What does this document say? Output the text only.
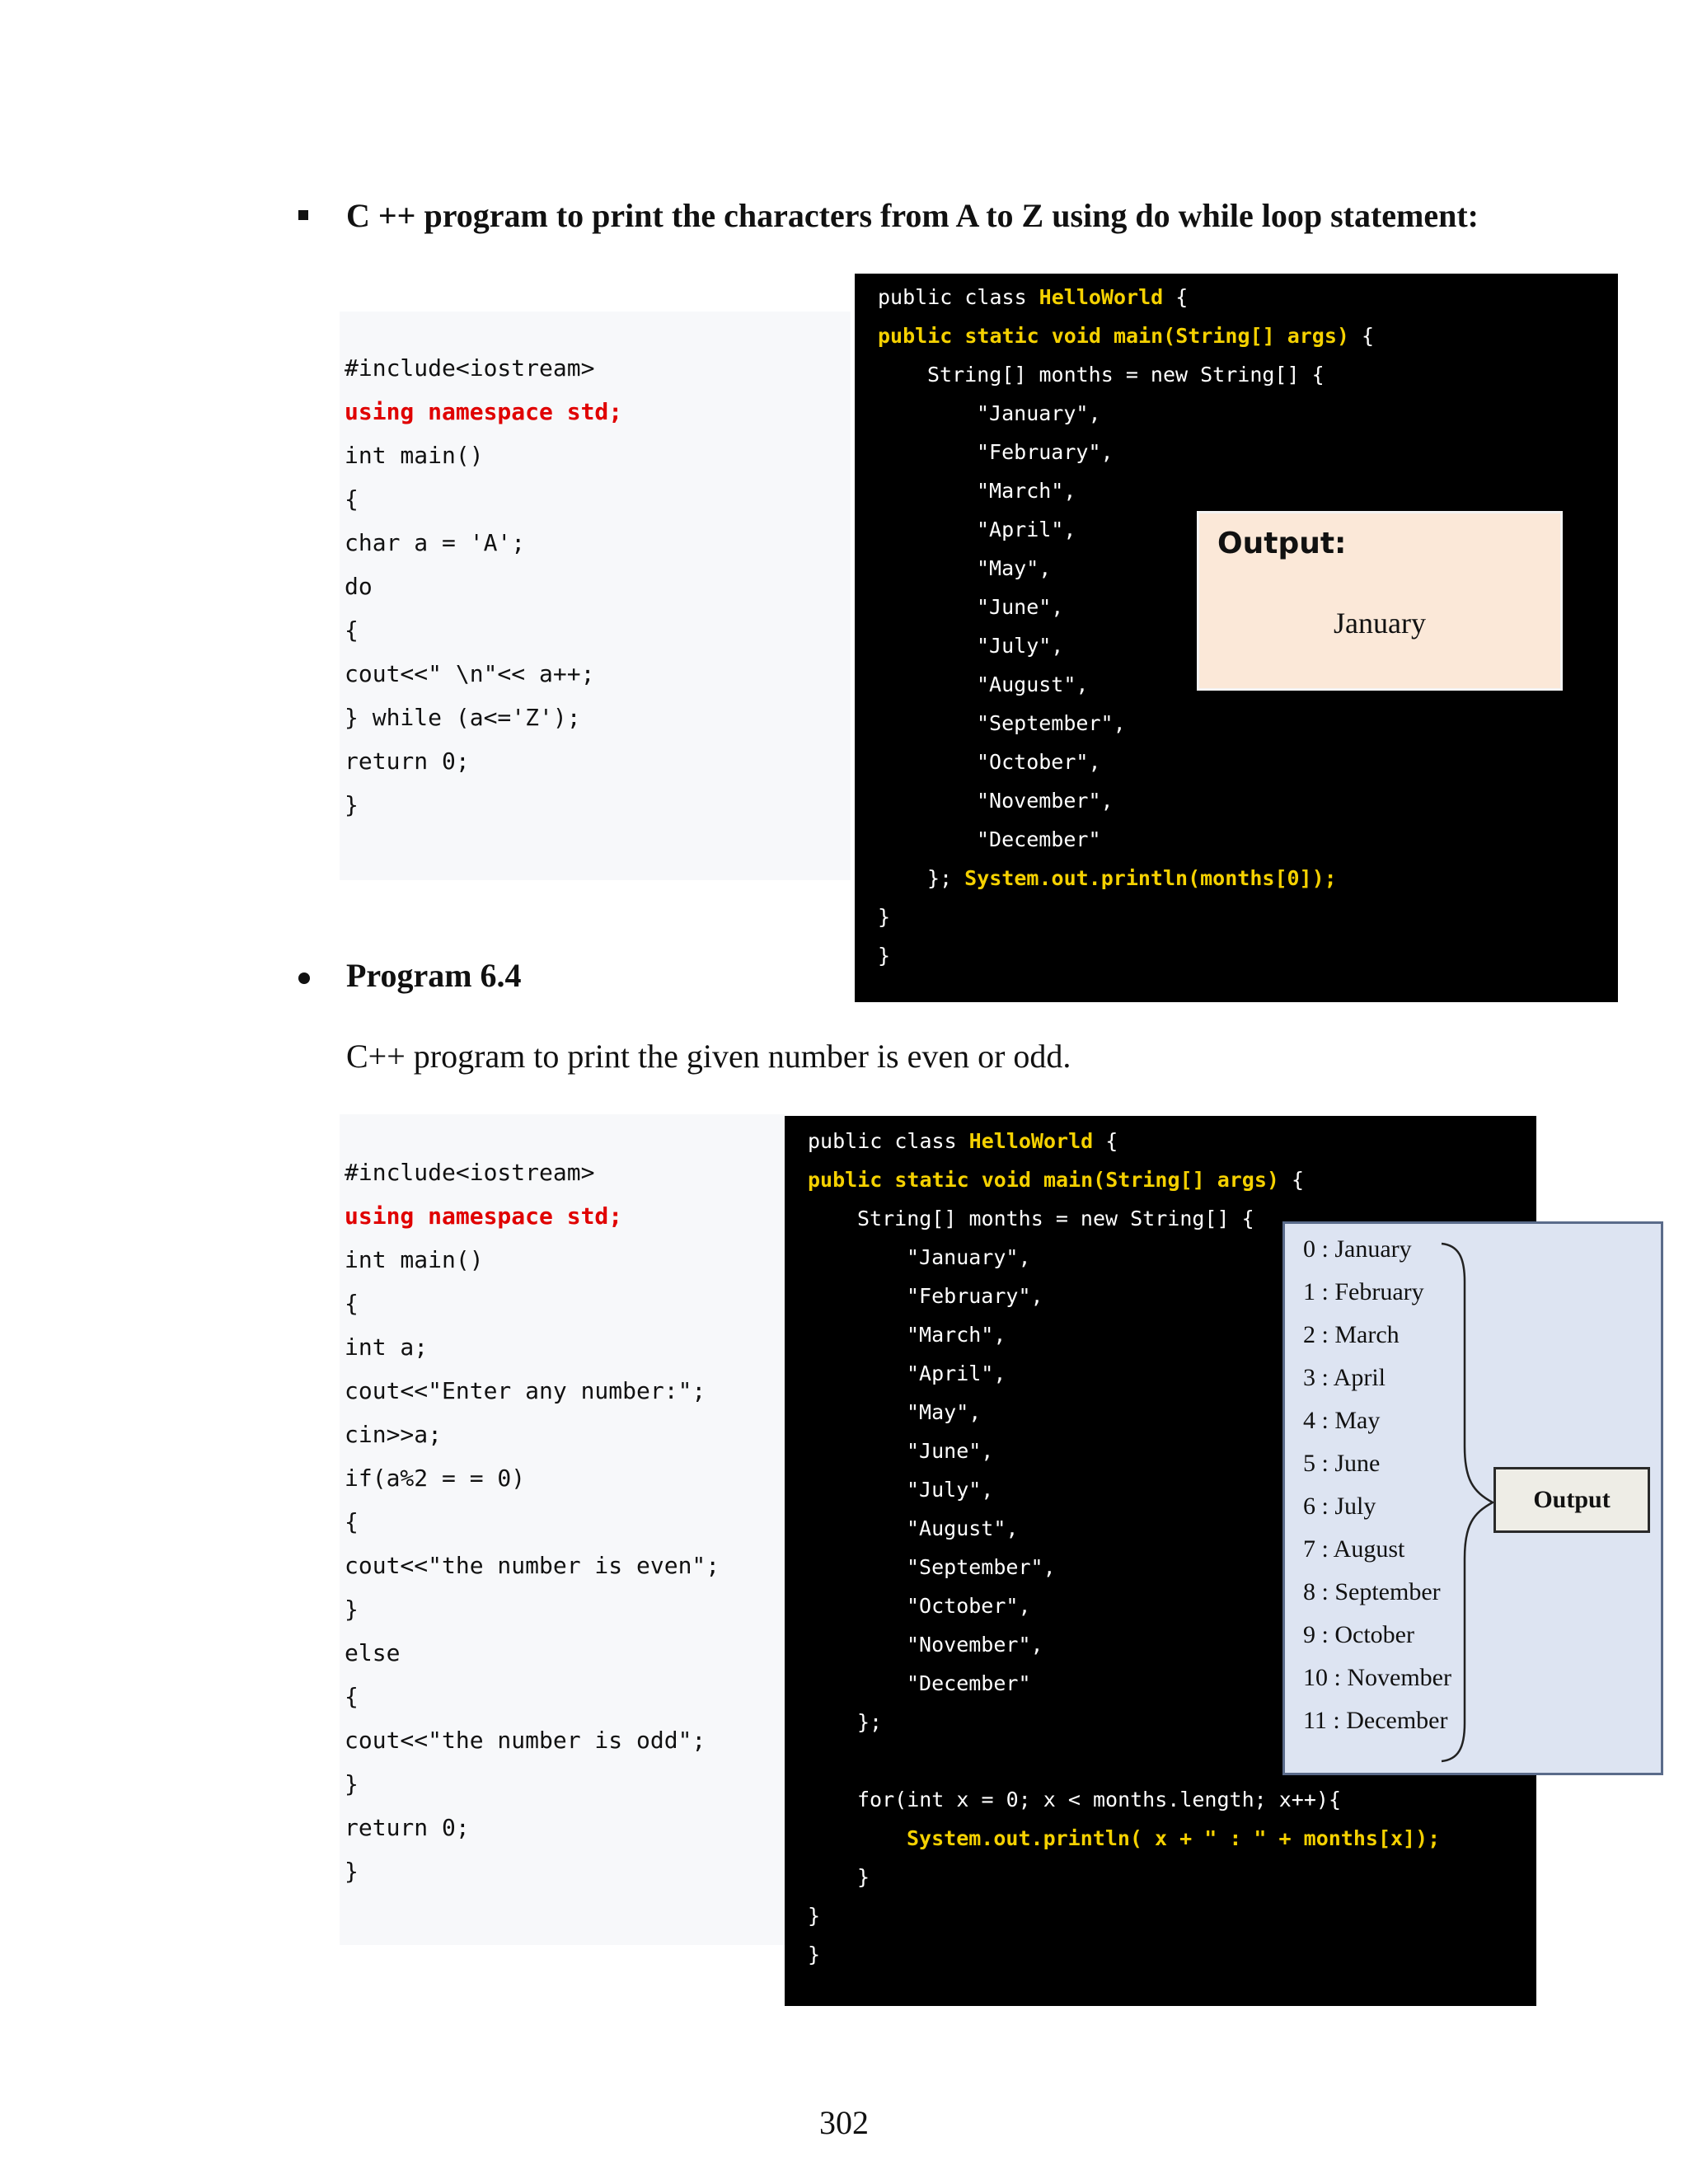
C ++ program to print the characters from A to Z using do while loop statement:
#include<iostream>
using namespace std;
int main()
{
char a = 'A';
do
{
cout<<" \n"<< a++;
} while (a<='Z');
return 0;
}
public class HelloWorld {
public static void main(String[] args) {
String[] months = new String[] {
"January",
"February",
"March",
"April",
"May",
"June",
"July",
"August",
"September",
"October",
"November",
"December"
}; System.out.println(months[0]);
}
}
Output:
January
Program 6.4
C++ program to print the given number is even or odd.
#include<iostream>
using namespace std;
int main()
{
int a;
cout<<"Enter any number:";
cin>>a;
if(a%2 = = 0)
{
cout<<"the number is even";
}
else
{
cout<<"the number is odd";
}
return 0;
}
public class HelloWorld {
public static void main(String[] args) {
String[] months = new String[] {
"January",
"February",
"March",
"April",
"May",
"June",
"July",
"August",
"September",
"October",
"November",
"December"
};
for(int x = 0; x < months.length; x++){
System.out.println( x + " : " + months[x]);
}
}
}
0 : January
1 : February
2 : March
3 : April
4 : May
5 : June
6 : July
7 : August
8 : September
9 : October
10 : November
11 : December
Output
302
